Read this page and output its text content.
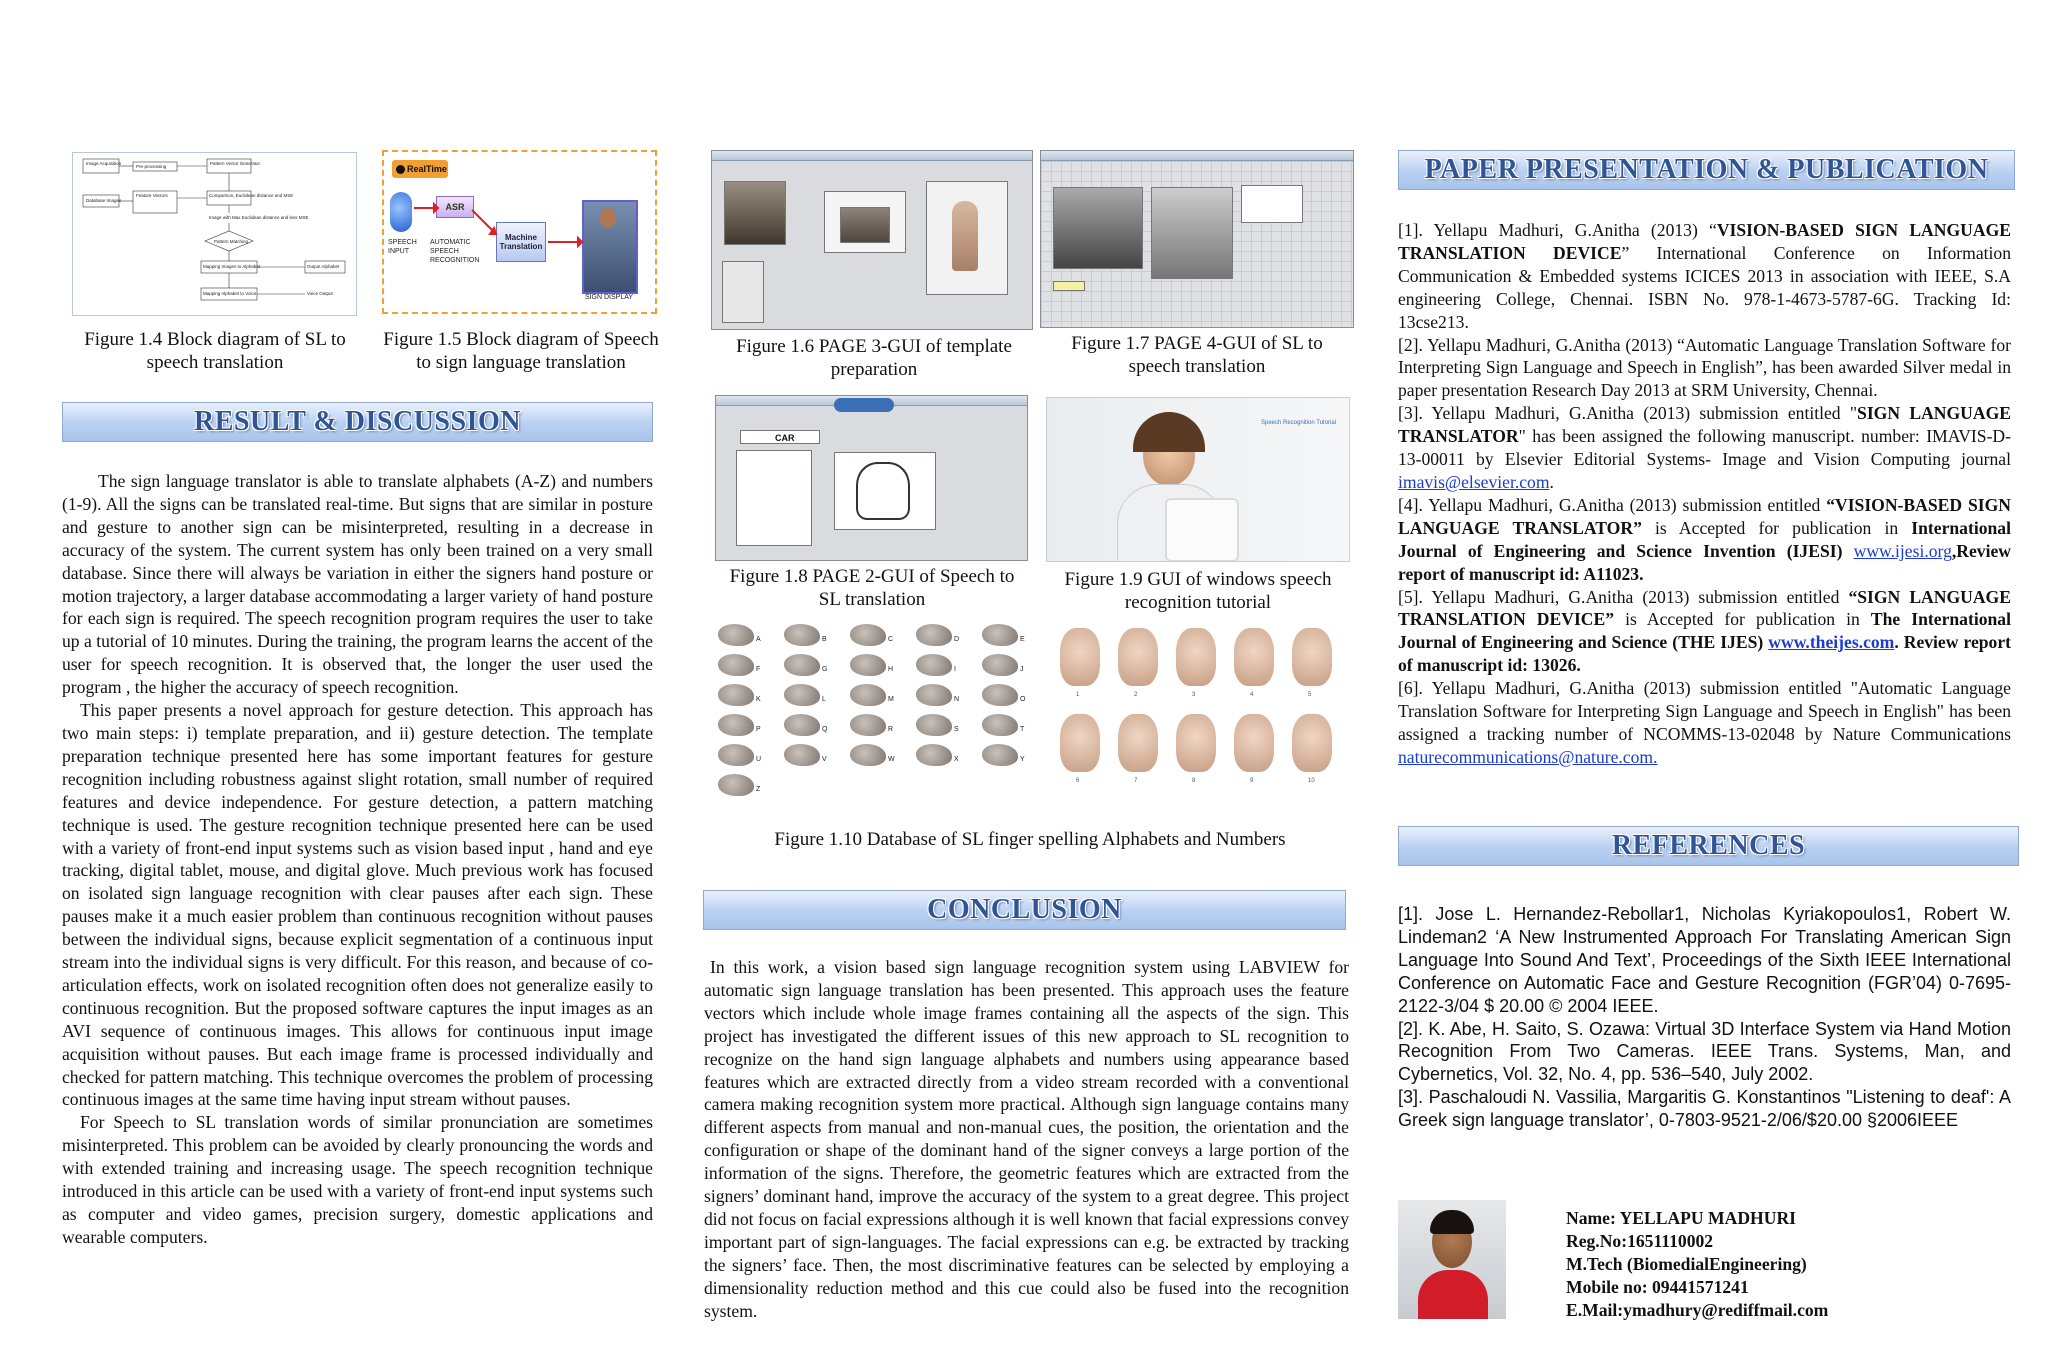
Image Acquisition
Pre-processing
Pattern Vector Generator
Database Images
Feature Vectors	Comparison, Euclidean distance and MSE
Image with Max Euclidean distance and less MSE
Pattern Matching
Mapping Images to Alphabet	Output Alphabet
Mapping Alphabet to Voice	Voice Output
RealTime
ASR
Machine Translation
SPEECH INPUT
AUTOMATIC SPEECH RECOGNITION
SIGN DISPLAY
Figure 1.4 Block diagram of SL to speech translation
Figure 1.5 Block diagram of Speech to sign language translation
RESULT & DISCUSSION

The sign language translator is able to translate alphabets (A-Z) and numbers (1-9). All the signs can be translated real-time. But signs that are similar in posture and gesture to another sign can be misinterpreted, resulting in a decrease in accuracy of the system. The current system has only been trained on a very small database. Since there will always be variation in either the signers hand posture or motion trajectory, a larger database accommodating a larger variety of hand posture for each sign is required. The speech recognition program requires the user to take up a tutorial of 10 minutes. During the training, the program learns the accent of the user for speech recognition. It is observed that, the longer the user used the program , the higher the accuracy of speech recognition.

This paper presents a novel approach for gesture detection. This approach has two main steps: i) template preparation, and ii) gesture detection. The template preparation technique presented here has some important features for gesture recognition including robustness against slight rotation, small number of required features and device independence. For gesture detection, a pattern matching technique is used. The gesture recognition technique presented here can be used with a variety of front-end input systems such as vision based input , hand and eye tracking, digital tablet, mouse, and digital glove. Much previous work has focused on isolated sign language recognition with clear pauses after each sign. These pauses make it a much easier problem than continuous recognition without pauses between the individual signs, because explicit segmentation of a continuous input stream into the individual signs is very difficult. For this reason, and because of co-articulation effects, work on isolated recognition often does not generalize easily to continuous recognition. But the proposed software captures the input images as an AVI sequence of continuous images. This allows for continuous input image acquisition without pauses. But each image frame is processed individually and checked for pattern matching. This technique overcomes the problem of processing continuous images at the same time having input stream without pauses.

For Speech to SL translation words of similar pronunciation are sometimes misinterpreted. This problem can be avoided by clearly pronouncing the words and with extended training and increasing usage. The speech recognition technique introduced in this article can be used with a variety of front-end input systems such as computer and video games, precision surgery, domestic applications and wearable computers.

Figure 1.6 PAGE 3-GUI of template preparation
Figure 1.7 PAGE 4-GUI of SL to speech translation
CAR
Speech Recognition Tutorial
Figure 1.8 PAGE 2-GUI of Speech to SL translation
Figure 1.9 GUI of windows speech recognition tutorial
A	B	C	D	E
F	G	H	I	J
K	L	M	N	O
P	Q	R	S	T
U	V	W	X	Y
Z
1	2	3	4	5
6	7	8	9	10
Figure 1.10 Database of SL finger spelling Alphabets and Numbers
CONCLUSION

In this work, a vision based sign language recognition system using LABVIEW for automatic sign language translation has been presented. This approach uses the feature vectors which include whole image frames containing all the aspects of the sign. This project has investigated the different issues of this new approach to SL recognition to recognize on the hand sign language alphabets and numbers using appearance based features which are extracted directly from a video stream recorded with a conventional camera making recognition system more practical. Although sign language contains many different aspects from manual and non-manual cues, the position, the orientation and the configuration or shape of the dominant hand of the signer conveys a large portion of the information of the signs. Therefore, the geometric features which are extracted from the signers’ dominant hand, improve the accuracy of the system to a great degree. This project did not focus on facial expressions although it is well known that facial expressions convey important part of sign-languages. The facial expressions can e.g. be extracted by tracking the signers’ face. Then, the most discriminative features can be selected by employing a dimensionality reduction method and this cue could also be fused into the recognition system.

PAPER PRESENTATION & PUBLICATION

[1]. Yellapu Madhuri, G.Anitha (2013) “VISION-BASED SIGN LANGUAGE TRANSLATION DEVICE” International Conference on Information Communication & Embedded systems ICICES 2013 in association with IEEE, S.A engineering College, Chennai. ISBN No. 978-1-4673-5787-6G. Tracking Id: 13cse213.

[2]. Yellapu Madhuri, G.Anitha (2013) “Automatic Language Translation Software for Interpreting Sign Language and Speech in English”, has been awarded Silver medal in paper presentation Research Day 2013 at SRM University, Chennai.

[3]. Yellapu Madhuri, G.Anitha (2013) submission entitled "SIGN LANGUAGE TRANSLATOR" has been assigned the following manuscript. number: IMAVIS-D-13-00011 by Elsevier Editorial Systems- Image and Vision Computing journal imavis@elsevier.com.

[4]. Yellapu Madhuri, G.Anitha (2013) submission entitled “VISION-BASED SIGN LANGUAGE TRANSLATOR” is Accepted for publication in International Journal of Engineering and Science Invention (IJESI) www.ijesi.org,Review report of manuscript id: A11023.

[5]. Yellapu Madhuri, G.Anitha (2013) submission entitled “SIGN LANGUAGE TRANSLATION DEVICE” is Accepted for publication in The International Journal of Engineering and Science (THE IJES) www.theijes.com. Review report of manuscript id: 13026.

[6]. Yellapu Madhuri, G.Anitha (2013) submission entitled "Automatic Language Translation Software for Interpreting Sign Language and Speech in English" has been assigned a tracking number of NCOMMS-13-02048 by Nature Communications naturecommunications@nature.com.

REFERENCES

[1]. Jose L. Hernandez-Rebollar1, Nicholas Kyriakopoulos1, Robert W. Lindeman2 ‘A New Instrumented Approach For Translating American Sign Language Into Sound And Text’, Proceedings of the Sixth IEEE International Conference on Automatic Face and Gesture Recognition (FGR’04) 0-7695-2122-3/04 $ 20.00 © 2004 IEEE.

[2]. K. Abe, H. Saito, S. Ozawa: Virtual 3D Interface System via Hand Motion Recognition From Two Cameras. IEEE Trans. Systems, Man, and Cybernetics, Vol. 32, No. 4, pp. 536–540, July 2002.

[3]. Paschaloudi N. Vassilia, Margaritis G. Konstantinos "Listening to deaf': A Greek sign language translator’, 0-7803-9521-2/06/$20.00 §2006IEEE

Name: YELLAPU MADHURI
Reg.No:1651110002
M.Tech (BiomedialEngineering)
Mobile no: 09441571241
E.Mail:ymadhury@rediffmail.com
